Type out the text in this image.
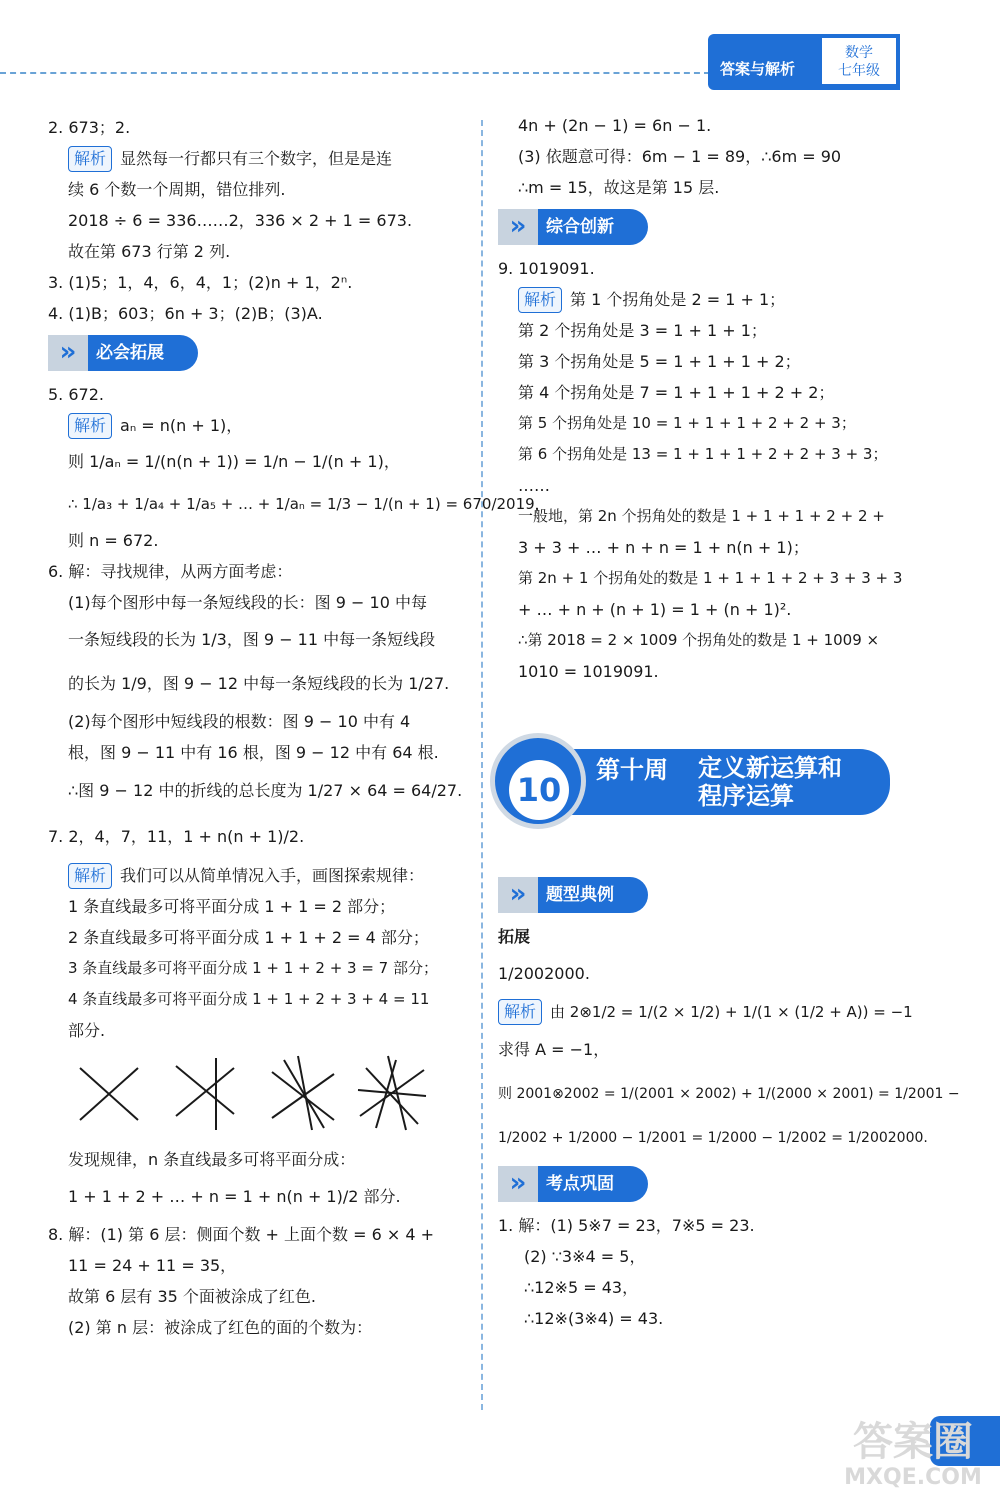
答案与解析
数学
七年级
2. 673；2.
解析 显然每一行都只有三个数字，但是是连
续 6 个数一个周期，错位排列.
2018 ÷ 6 = 336……2，336 × 2 + 1 = 673.
故在第 673 行第 2 列.
3. (1)5；1，4，6，4，1；(2)n + 1，2ⁿ.
4. (1)B；603；6n + 3；(2)B；(3)A.
»	必会拓展
5. 672.
解析 aₙ = n(n + 1)，
则 1/aₙ = 1/(n(n + 1)) = 1/n − 1/(n + 1)，
∴ 1/a₃ + 1/a₄ + 1/a₅ + … + 1/aₙ = 1/3 − 1/(n + 1) = 670/2019，
则 n = 672.
6. 解：寻找规律，从两方面考虑：
(1)每个图形中每一条短线段的长：图 9 − 10 中每
一条短线段的长为 1/3，图 9 − 11 中每一条短线段
的长为 1/9，图 9 − 12 中每一条短线段的长为 1/27.
(2)每个图形中短线段的根数：图 9 − 10 中有 4
根，图 9 − 11 中有 16 根，图 9 − 12 中有 64 根.
∴图 9 − 12 中的折线的总长度为 1/27 × 64 = 64/27.
7. 2，4，7，11，1 + n(n + 1)/2.
解析 我们可以从简单情况入手，画图探索规律：
1 条直线最多可将平面分成 1 + 1 = 2 部分；
2 条直线最多可将平面分成 1 + 1 + 2 = 4 部分；
3 条直线最多可将平面分成 1 + 1 + 2 + 3 = 7 部分；
4 条直线最多可将平面分成 1 + 1 + 2 + 3 + 4 = 11
部分.
发现规律，n 条直线最多可将平面分成：
1 + 1 + 2 + … + n = 1 + n(n + 1)/2 部分.
8. 解：(1) 第 6 层：侧面个数 + 上面个数 = 6 × 4 +
11 = 24 + 11 = 35，
故第 6 层有 35 个面被涂成了红色.
(2) 第 n 层：被涂成了红色的面的个数为：
4n + (2n − 1) = 6n − 1.
(3) 依题意可得：6m − 1 = 89，∴6m = 90
∴m = 15，故这是第 15 层.
»	综合创新
9. 1019091.
解析 第 1 个拐角处是 2 = 1 + 1；
第 2 个拐角处是 3 = 1 + 1 + 1；
第 3 个拐角处是 5 = 1 + 1 + 1 + 2；
第 4 个拐角处是 7 = 1 + 1 + 1 + 2 + 2；
第 5 个拐角处是 10 = 1 + 1 + 1 + 2 + 2 + 3；
第 6 个拐角处是 13 = 1 + 1 + 1 + 2 + 2 + 3 + 3；
……
一般地，第 2n 个拐角处的数是 1 + 1 + 1 + 2 + 2 +
3 + 3 + … + n + n = 1 + n(n + 1)；
第 2n + 1 个拐角处的数是 1 + 1 + 1 + 2 + 3 + 3 + 3
+ … + n + (n + 1) = 1 + (n + 1)².
∴第 2018 = 2 × 1009 个拐角处的数是 1 + 1009 ×
1010 = 1019091.
10
第十周 定义新运算和
程序运算
»	题型典例
拓展
1/2002000.
解析 由 2⊗1/2 = 1/(2 × 1/2) + 1/(1 × (1/2 + A)) = −1
求得 A = −1，
则 2001⊗2002 = 1/(2001 × 2002) + 1/(2000 × 2001) = 1/2001 −
1/2002 + 1/2000 − 1/2001 = 1/2000 − 1/2002 = 1/2002000.
»	考点巩固
1. 解：(1) 5※7 = 23，7※5 = 23.
(2) ∵3※4 = 5，
∴12※5 = 43，
∴12※(3※4) = 43.
答案圈
MXQE.COM
